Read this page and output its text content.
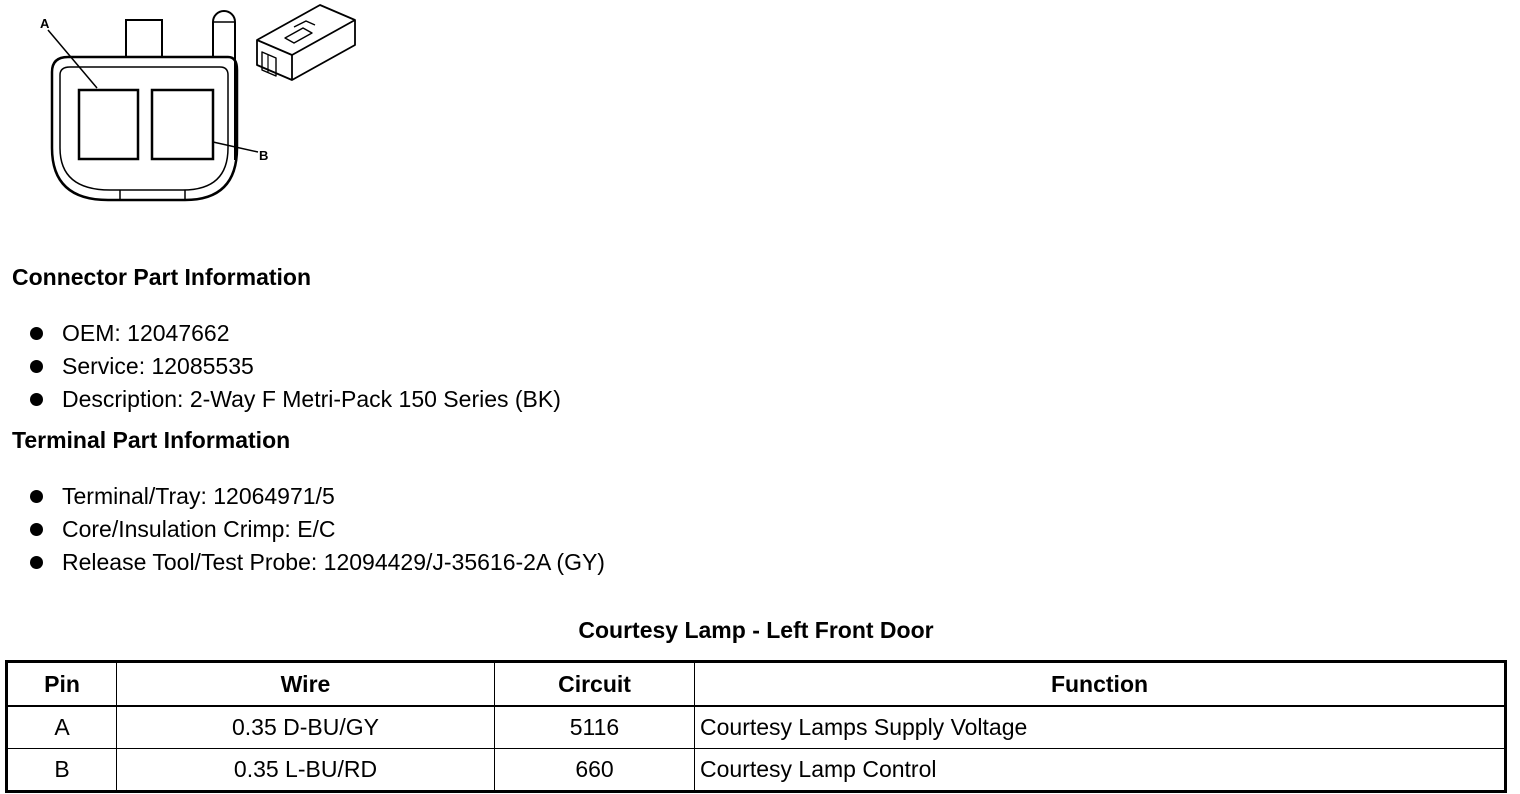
A
B
Connector Part Information
OEM: 12047662
Service: 12085535
Description: 2-Way F Metri-Pack 150 Series (BK)
Terminal Part Information
Terminal/Tray: 12064971/5
Core/Insulation Crimp: E/C
Release Tool/Test Probe: 12094429/J-35616-2A (GY)
Courtesy Lamp - Left Front Door
Pin	Wire	Circuit	Function
A	0.35 D-BU/GY	5116	Courtesy Lamps Supply Voltage
B	0.35 L-BU/RD	660	Courtesy Lamp Control
